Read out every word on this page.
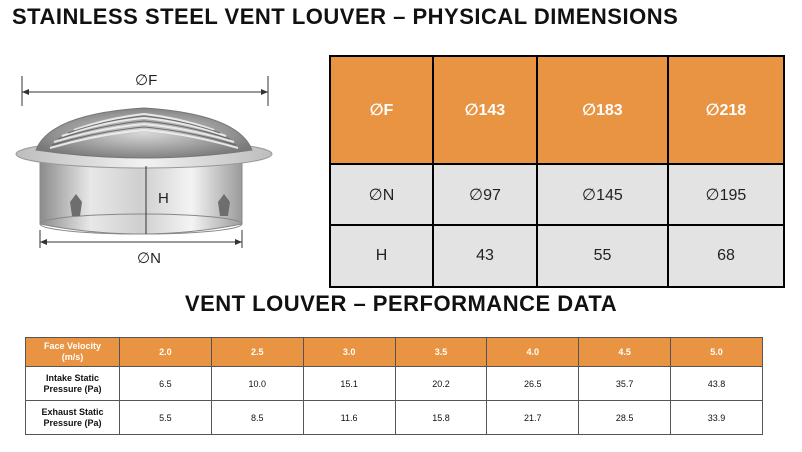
STAINLESS STEEL VENT LOUVER – PHYSICAL DIMENSIONS
∅F
H
∅N
∅F	∅143	∅183	∅218
∅N	∅97	∅145	∅195
H	43	55	68
VENT LOUVER – PERFORMANCE DATA
Face Velocity
(m/s)	2.0	2.5	3.0	3.5	4.0	4.5	5.0
Intake Static
Pressure (Pa)	6.5	10.0	15.1	20.2	26.5	35.7	43.8
Exhaust Static
Pressure (Pa)	5.5	8.5	11.6	15.8	21.7	28.5	33.9
